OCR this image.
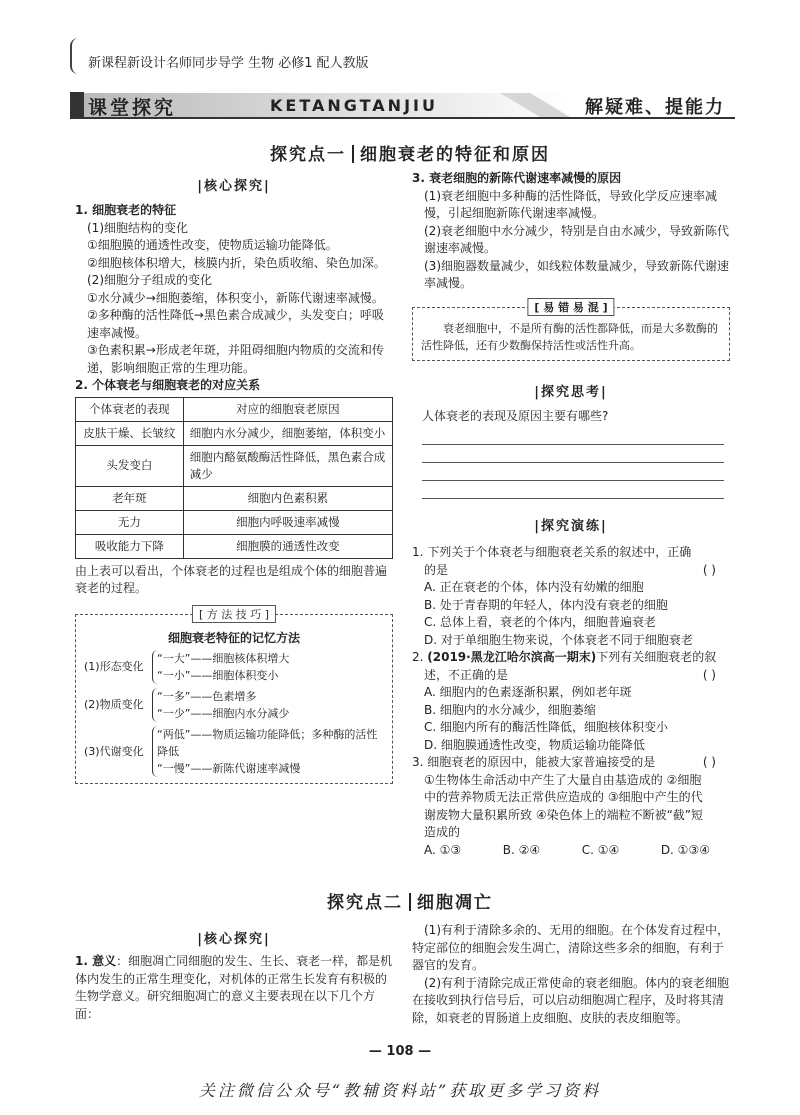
新课程新设计名师同步导学 生物 必修1 配人教版
课堂探究	KETANGTANJIU	解疑难、提能力
探究点一 细胞衰老的特征和原因
|核心探究|

1. 细胞衰老的特征

(1)细胞结构的变化

①细胞膜的通透性改变，使物质运输功能降低。

②细胞核体积增大，核膜内折，染色质收缩、染色加深。

(2)细胞分子组成的变化

①水分减少→细胞萎缩，体积变小，新陈代谢速率减慢。

②多种酶的活性降低→黑色素合成减少，头发变白；呼吸速率减慢。

③色素积累→形成老年斑，并阻碍细胞内物质的交流和传递，影响细胞正常的生理功能。

2. 个体衰老与细胞衰老的对应关系

个体衰老的表现	对应的细胞衰老原因
皮肤干燥、长皱纹	细胞内水分减少，细胞萎缩，体积变小
头发变白	细胞内酪氨酸酶活性降低，黑色素合成减少
老年斑	细胞内色素积累
无力	细胞内呼吸速率减慢
吸收能力下降	细胞膜的通透性改变

由上表可以看出，个体衰老的过程也是组成个体的细胞普遍衰老的过程。

[ 方 法 技 巧 ]
细胞衰老特征的记忆方法
(1)形态变化
“一大”——细胞核体积增大
“一小”——细胞体积变小
(2)物质变化
“一多”——色素增多
“一少”——细胞内水分减少
(3)代谢变化
“两低”——物质运输功能降低；多种酶的活性降低
“一慢”——新陈代谢速率减慢

3. 衰老细胞的新陈代谢速率减慢的原因

(1)衰老细胞中多种酶的活性降低，导致化学反应速率减慢，引起细胞新陈代谢速率减慢。

(2)衰老细胞中水分减少，特别是自由水减少，导致新陈代谢速率减慢。

(3)细胞器数量减少，如线粒体数量减少，导致新陈代谢速率减慢。

[ 易 错 易 混 ]

衰老细胞中，不是所有酶的活性都降低，而是大多数酶的活性降低，还有少数酶保持活性或活性升高。

|探究思考|

人体衰老的表现及原因主要有哪些?

|探究演练|

1. 下列关于个体衰老与细胞衰老关系的叙述中，正确

的是	( )

A. 正在衰老的个体，体内没有幼嫩的细胞

B. 处于青春期的年轻人，体内没有衰老的细胞

C. 总体上看，衰老的个体内，细胞普遍衰老

D. 对于单细胞生物来说，个体衰老不同于细胞衰老

2. (2019·黑龙江哈尔滨高一期末)下列有关细胞衰老的叙

述，不正确的是	( )

A. 细胞内的色素逐渐积累，例如老年斑

B. 细胞内的水分减少，细胞萎缩

C. 细胞内所有的酶活性降低，细胞核体积变小

D. 细胞膜通透性改变，物质运输功能降低

3. 细胞衰老的原因中，能被大家普遍接受的是	( )

①生物体生命活动中产生了大量自由基造成的 ②细胞

中的营养物质无法正常供应造成的 ③细胞中产生的代

谢废物大量积累所致 ④染色体上的端粒不断被“截”短

造成的

A. ①③	B. ②④	C. ①④	D. ①③④
探究点二 细胞凋亡
|核心探究|

1. 意义：细胞凋亡同细胞的发生、生长、衰老一样，都是机体内发生的正常生理变化，对机体的正常生长发育有积极的生物学意义。研究细胞凋亡的意义主要表现在以下几个方面：

(1)有利于清除多余的、无用的细胞。在个体发育过程中，特定部位的细胞会发生凋亡，清除这些多余的细胞，有利于器官的发育。

(2)有利于清除完成正常使命的衰老细胞。体内的衰老细胞在接收到执行信号后，可以启动细胞凋亡程序，及时将其清除，如衰老的胃肠道上皮细胞、皮肤的表皮细胞等。

— 108 —
关注微信公众号“教辅资料站”获取更多学习资料
